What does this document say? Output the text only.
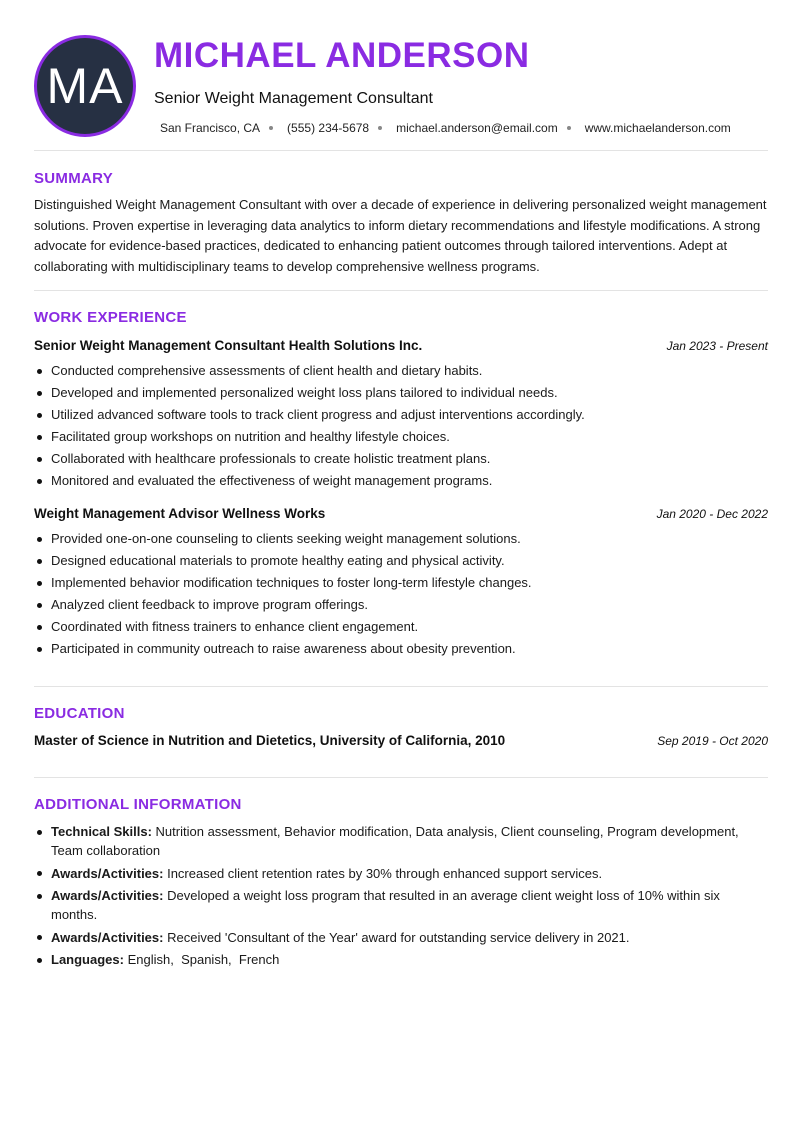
MA
MICHAEL ANDERSON
Senior Weight Management Consultant
San Francisco, CA (555) 234-5678 michael.anderson@email.com www.michaelanderson.com
SUMMARY

Distinguished Weight Management Consultant with over a decade of experience in delivering personalized weight management solutions. Proven expertise in leveraging data analytics to inform dietary recommendations and lifestyle modifications. A strong advocate for evidence-based practices, dedicated to enhancing patient outcomes through tailored interventions. Adept at collaborating with multidisciplinary teams to develop comprehensive wellness programs.

WORK EXPERIENCE
Senior Weight Management Consultant Health Solutions Inc.	Jan 2023 - Present
Conducted comprehensive assessments of client health and dietary habits.
Developed and implemented personalized weight loss plans tailored to individual needs.
Utilized advanced software tools to track client progress and adjust interventions accordingly.
Facilitated group workshops on nutrition and healthy lifestyle choices.
Collaborated with healthcare professionals to create holistic treatment plans.
Monitored and evaluated the effectiveness of weight management programs.
Weight Management Advisor Wellness Works	Jan 2020 - Dec 2022
Provided one-on-one counseling to clients seeking weight management solutions.
Designed educational materials to promote healthy eating and physical activity.
Implemented behavior modification techniques to foster long-term lifestyle changes.
Analyzed client feedback to improve program offerings.
Coordinated with fitness trainers to enhance client engagement.
Participated in community outreach to raise awareness about obesity prevention.
EDUCATION
Master of Science in Nutrition and Dietetics, University of California, 2010	Sep 2019 - Oct 2020
ADDITIONAL INFORMATION
Technical Skills: Nutrition assessment, Behavior modification, Data analysis, Client counseling, Program development, Team collaboration
Awards/Activities: Increased client retention rates by 30% through enhanced support services.
Awards/Activities: Developed a weight loss program that resulted in an average client weight loss of 10% within six months.
Awards/Activities: Received 'Consultant of the Year' award for outstanding service delivery in 2021.
Languages: English,  Spanish,  French
